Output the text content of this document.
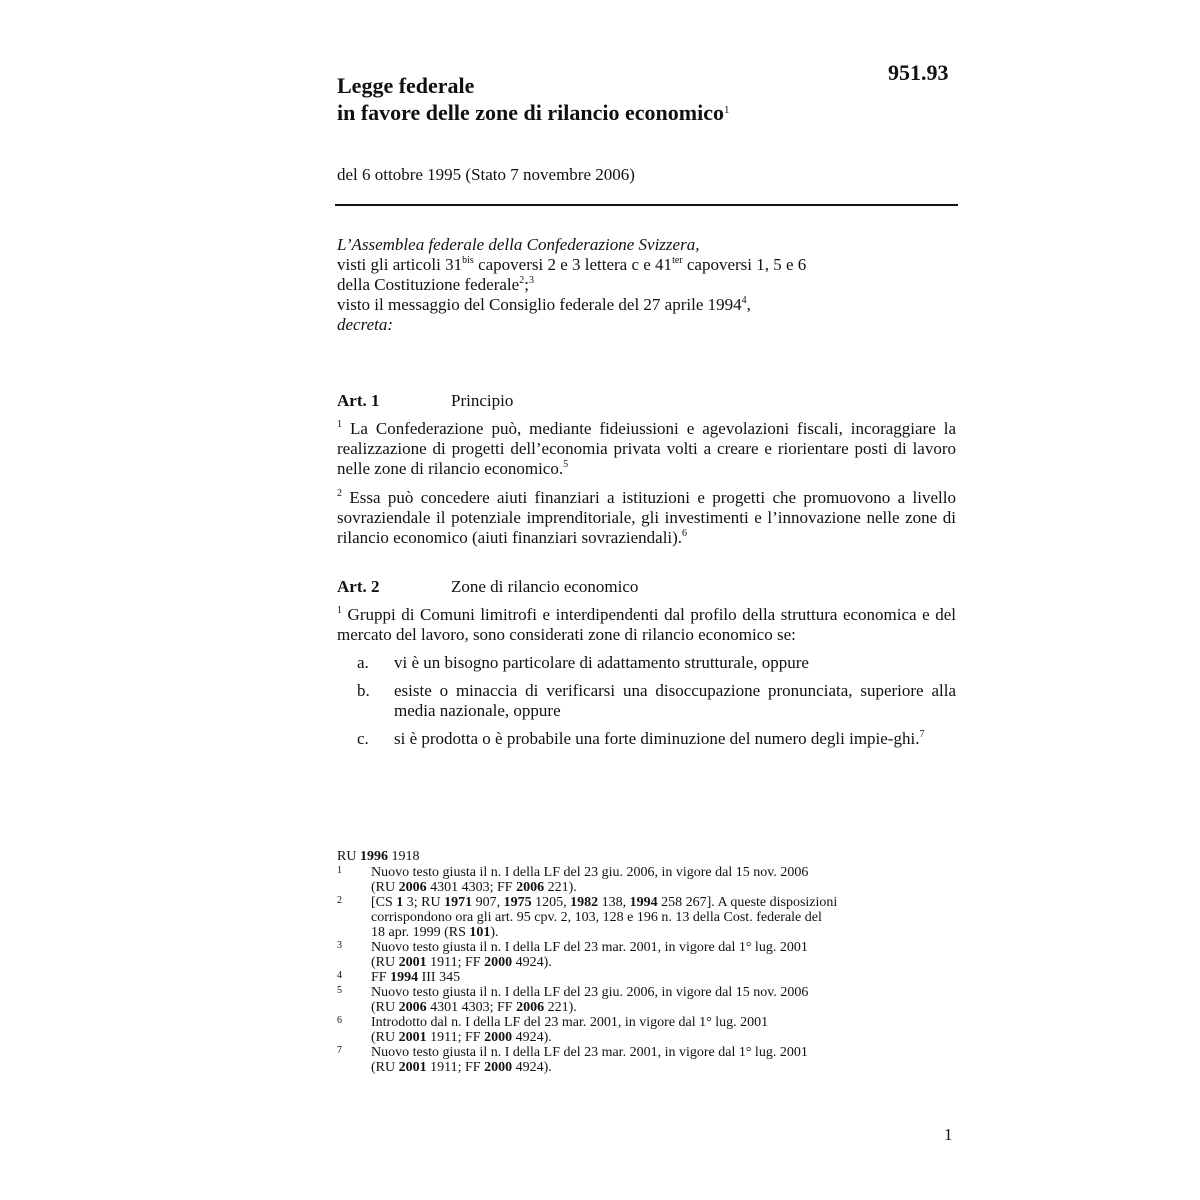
Legge federale
in favore delle zone di rilancio economico$^1$
951.93
del 6 ottobre 1995 (Stato 7 novembre 2006)
L’Assemblea federale della Confederazione Svizzera,
visti gli articoli $31^{bis}$ capoversi 2 e 3 lettera c e $41^{ter}$ capoversi 1, 5 e 6
della Costituzione federale$^2$;$^3$
visto il messaggio del Consiglio federale del 27 aprile 1994$^4$,
decreta:
Art. 1	Principio

$^1$ La Confederazione può, mediante fideiussioni e agevolazioni fiscali, incoraggiare la realizzazione di progetti dell’economia privata volti a creare e riorientare posti di lavoro nelle zone di rilancio economico.$^5$

$^2$ Essa può concedere aiuti finanziari a istituzioni e progetti che promuovono a livello sovraziendale il potenziale imprenditoriale, gli investimenti e l’innovazione nelle zone di rilancio economico (aiuti finanziari sovraziendali).$^6$

Art. 2	Zone di rilancio economico

$^1$ Gruppi di Comuni limitrofi e interdipendenti dal profilo della struttura economica e del mercato del lavoro, sono considerati zone di rilancio economico se:

a.	vi è un bisogno particolare di adattamento strutturale, oppure
b.	esiste o minaccia di verificarsi una disoccupazione pronunciata, superiore alla media nazionale, oppure
c.	si è prodotta o è probabile una forte diminuzione del numero degli impie-ghi.$^7$
RU 1996 1918
1	Nuovo testo giusta il n. I della LF del 23 giu. 2006, in vigore dal 15 nov. 2006
(RU 2006 4301 4303; FF 2006 221).
2	[CS 1 3; RU 1971 907, 1975 1205, 1982 138, 1994 258 267]. A queste disposizioni
corrispondono ora gli art. 95 cpv. 2, 103, 128 e 196 n. 13 della Cost. federale del
18 apr. 1999 (RS 101).
3	Nuovo testo giusta il n. I della LF del 23 mar. 2001, in vigore dal 1° lug. 2001
(RU 2001 1911; FF 2000 4924).
4	FF 1994 III 345
5	Nuovo testo giusta il n. I della LF del 23 giu. 2006, in vigore dal 15 nov. 2006
(RU 2006 4301 4303; FF 2006 221).
6	Introdotto dal n. I della LF del 23 mar. 2001, in vigore dal 1° lug. 2001
(RU 2001 1911; FF 2000 4924).
7	Nuovo testo giusta il n. I della LF del 23 mar. 2001, in vigore dal 1° lug. 2001
(RU 2001 1911; FF 2000 4924).
1
